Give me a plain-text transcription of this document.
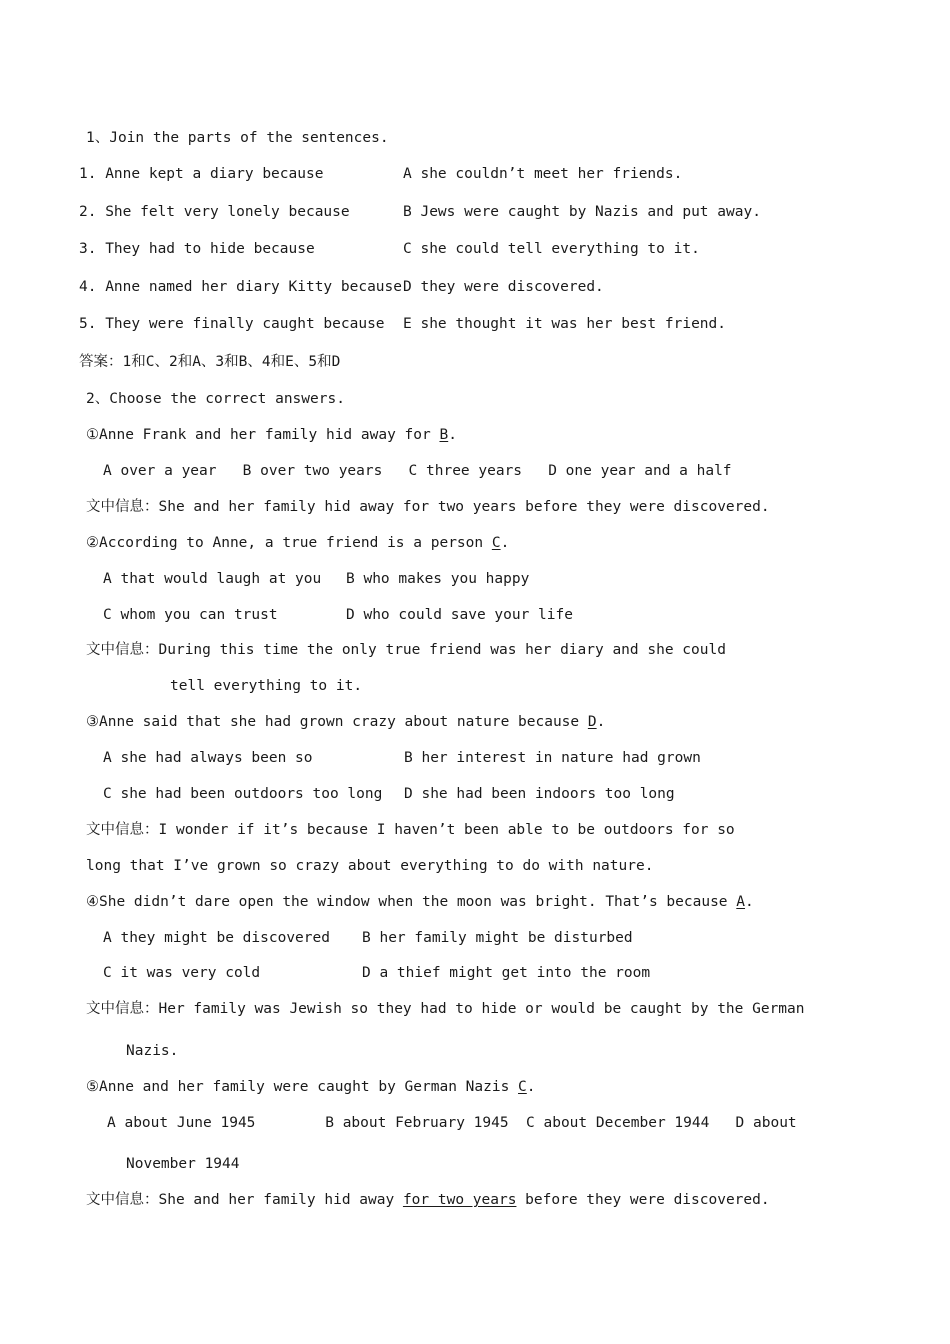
1、Join the parts of the sentences.
1. Anne kept a diary because	A she couldn’t meet her friends.
2. She felt very lonely because	B Jews were caught by Nazis and put away.
3. They had to hide because	C she could tell everything to it.
4. Anne named her diary Kitty because D they were discovered.
5. They were finally caught because E she thought it was her best friend.
答案：1和C、2和A、3和B、4和E、5和D
2、Choose the correct answers.
①Anne Frank and her family hid away for B.
A over a year   B over two years   C three years   D one year and a half
文中信息：She and her family hid away for two years before they were discovered.
②According to Anne, a true friend is a person C.
A that would laugh at you B who makes you happy
C whom you can trust	D who could save your life
文中信息：During this time the only true friend was her diary and she could
tell everything to it.
③Anne said that she had grown crazy about nature because D.
A she had always been so	B her interest in nature had grown
C she had been outdoors too long D she had been indoors too long
文中信息：I wonder if it’s because I haven’t been able to be outdoors for so
long that I’ve grown so crazy about everything to do with nature.
④She didn’t dare open the window when the moon was bright. That’s because A.
A they might be discovered B her family might be disturbed
C it was very cold	D a thief might get into the room
文中信息：Her family was Jewish so they had to hide or would be caught by the German
Nazis.
⑤Anne and her family were caught by German Nazis C.
A about June 1945        B about February 1945  C about December 1944   D about
November 1944
文中信息：She and her family hid away for two years before they were discovered.
